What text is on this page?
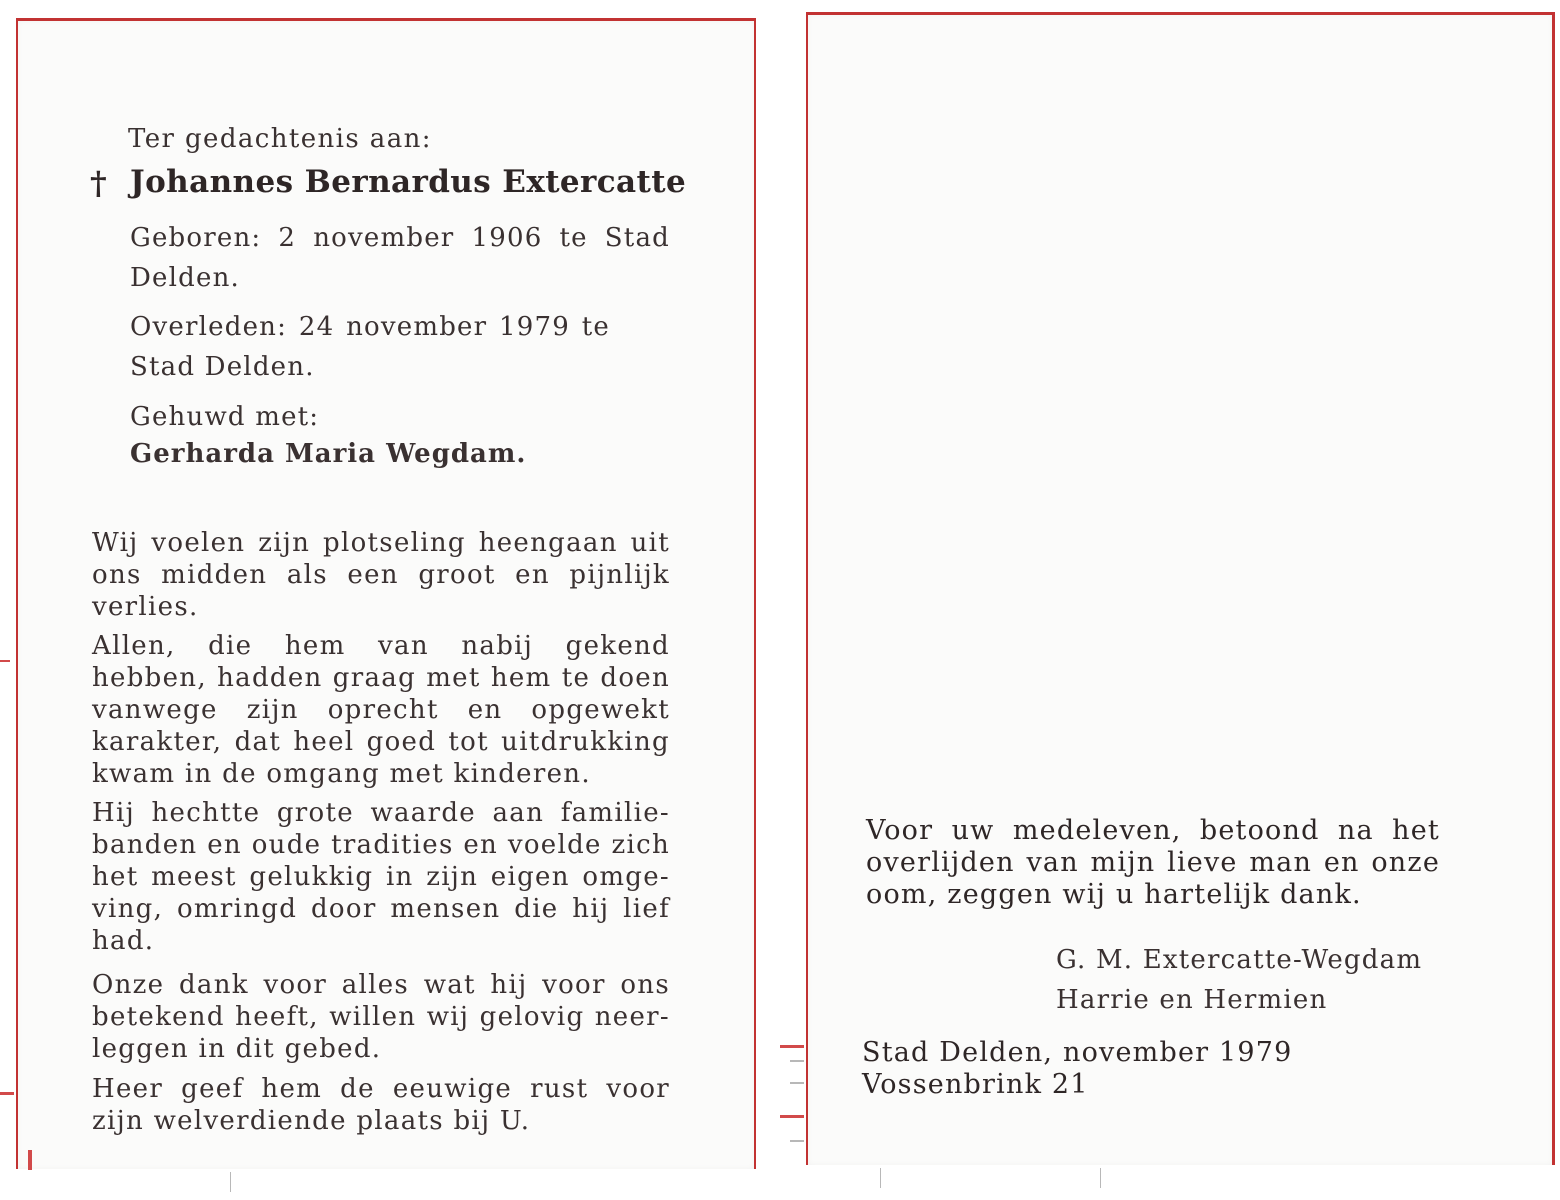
Ter gedachtenis aan:
† Johannes Bernardus Extercatte
Geboren: 2 november 1906 te Stad Delden.
Overleden: 24 november 1979 te Stad Delden.
Gehuwd met:
Gerharda Maria Wegdam.
Wij voelen zijn plotseling heengaan uit ons midden als een groot en pijnlijk verlies.
Allen, die hem van nabij gekend hebben, hadden graag met hem te doen vanwege zijn oprecht en opgewekt karakter, dat heel goed tot uitdrukking kwam in de omgang met kinderen.
Hij hechtte grote waarde aan familie-banden en oude tradities en voelde zich het meest gelukkig in zijn eigen omge-ving, omringd door mensen die hij lief had.
Onze dank voor alles wat hij voor ons betekend heeft, willen wij gelovig neer-leggen in dit gebed.
Heer geef hem de eeuwige rust voor zijn welverdiende plaats bij U.
Voor uw medeleven, betoond na het overlijden van mijn lieve man en onze oom, zeggen wij u hartelijk dank.
G. M. Extercatte-Wegdam
Harrie en Hermien
Stad Delden, november 1979
Vossenbrink 21
